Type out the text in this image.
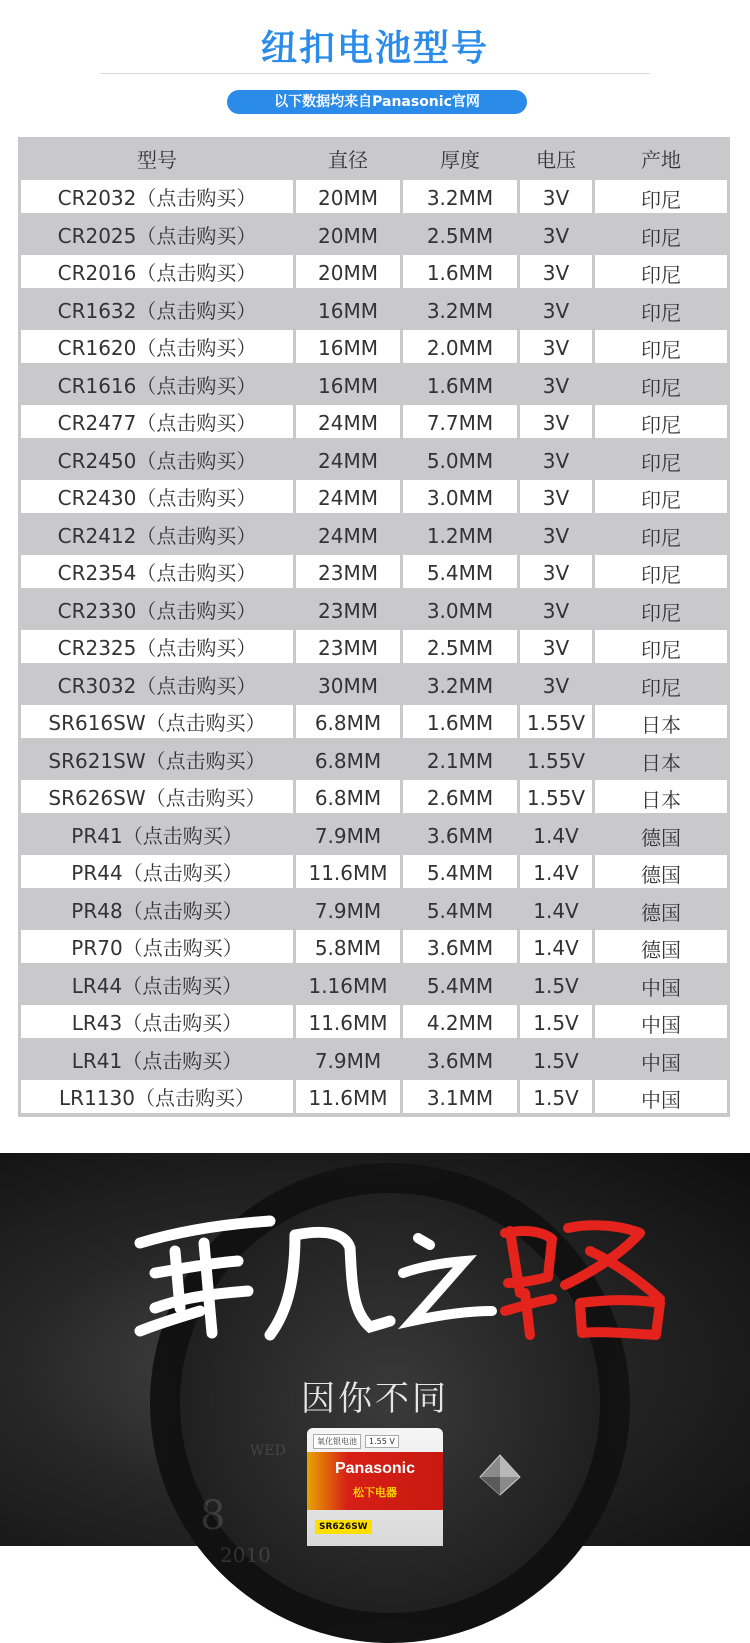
纽扣电池型号
以下数据均来自Panasonic官网
型号	直径	厚度	电压	产地
CR2032（点击购买）	20MM	3.2MM	3V	印尼
CR2025（点击购买）	20MM	2.5MM	3V	印尼
CR2016（点击购买）	20MM	1.6MM	3V	印尼
CR1632（点击购买）	16MM	3.2MM	3V	印尼
CR1620（点击购买）	16MM	2.0MM	3V	印尼
CR1616（点击购买）	16MM	1.6MM	3V	印尼
CR2477（点击购买）	24MM	7.7MM	3V	印尼
CR2450（点击购买）	24MM	5.0MM	3V	印尼
CR2430（点击购买）	24MM	3.0MM	3V	印尼
CR2412（点击购买）	24MM	1.2MM	3V	印尼
CR2354（点击购买）	23MM	5.4MM	3V	印尼
CR2330（点击购买）	23MM	3.0MM	3V	印尼
CR2325（点击购买）	23MM	2.5MM	3V	印尼
CR3032（点击购买）	30MM	3.2MM	3V	印尼
SR616SW（点击购买）	6.8MM	1.6MM	1.55V	日本
SR621SW（点击购买）	6.8MM	2.1MM	1.55V	日本
SR626SW（点击购买）	6.8MM	2.6MM	1.55V	日本
PR41（点击购买）	7.9MM	3.6MM	1.4V	德国
PR44（点击购买）	11.6MM	5.4MM	1.4V	德国
PR48（点击购买）	7.9MM	5.4MM	1.4V	德国
PR70（点击购买）	5.8MM	3.6MM	1.4V	德国
LR44（点击购买）	1.16MM	5.4MM	1.5V	中国
LR43（点击购买）	11.6MM	4.2MM	1.5V	中国
LR41（点击购买）	7.9MM	3.6MM	1.5V	中国
LR1130（点击购买）	11.6MM	3.1MM	1.5V	中国
8
WED
2010
因你不同
氧化银电池 1.55 V
Panasonic
松下电器
SR626SW
